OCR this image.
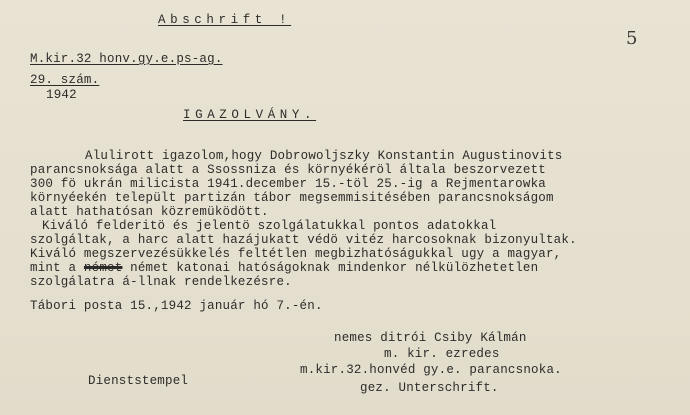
Abschrift !
5
M.kir.32 honv.gy.e.ps-ag.
29. szám.
1942
IGAZOLVÁNY.
Alulirott igazolom,hogy Dobrowoljszky Konstantin Augustinovits
parancsnoksága alatt a Ssossniza és környékéröl általa beszorvezett
300 fö ukrán milicista 1941.december 15.-töl 25.-ig a Rejmentarowka
környéekén települt partizán tábor megsemmisitésében parancsnokságom
alatt hathatósan közremüködött.
Kiváló felderitö és jelentö szolgálatukkal pontos adatokkal
szolgáltak, a harc alatt hazájukatt védö vitéz harcosoknak bizonyultak.
Kiváló megszervezésükkelés feltétlen megbizhatóságukkal ugy a magyar,
mint a német német katonai hatóságoknak mindenkor nélkülözhetetlen
szolgálatra á-llnak rendelkezésre.
Tábori posta 15.,1942 január hó 7.-én.
nemes ditrói Csiby Kálmán
m. kir. ezredes
m.kir.32.honvéd gy.e. parancsnoka.
Dienststempel	gez. Unterschrift.
